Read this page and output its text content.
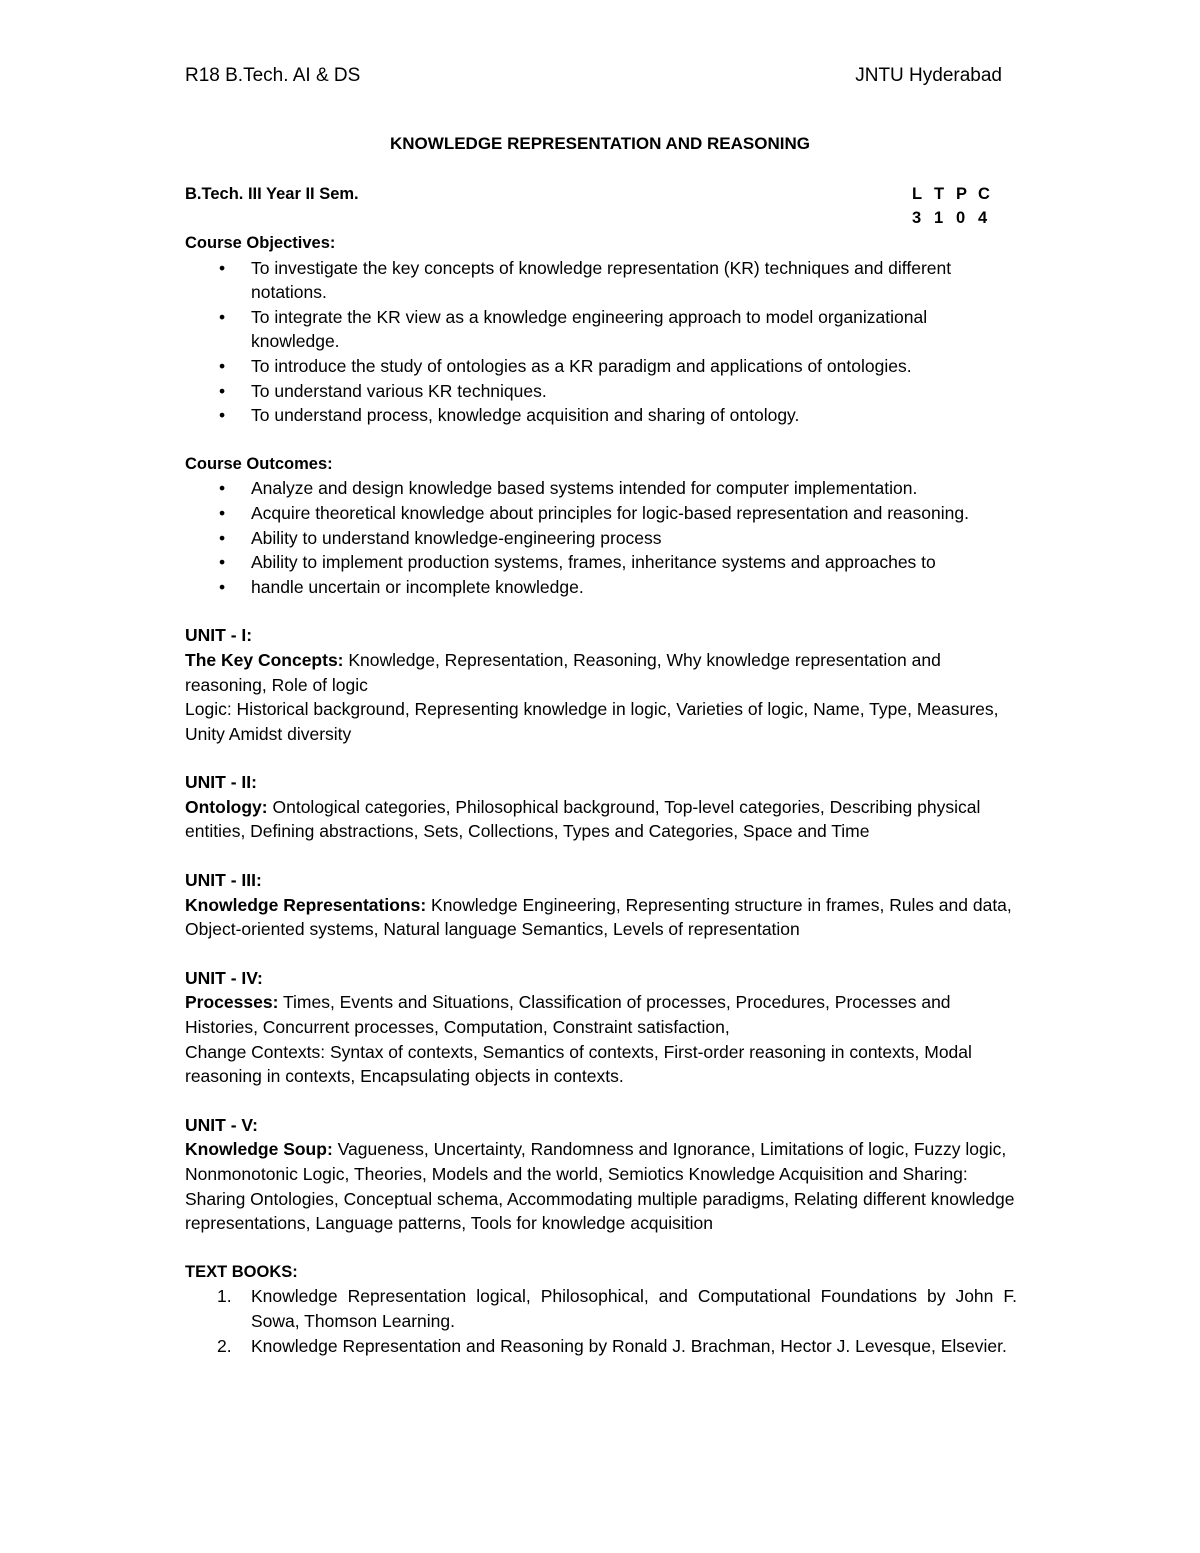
R18 B.Tech. AI & DS	JNTU Hyderabad
KNOWLEDGE REPRESENTATION AND REASONING
B.Tech. III Year II Sem.	L T P C
3 1 0 4

Course Objectives:

• To investigate the key concepts of knowledge representation (KR) techniques and different notations.
• To integrate the KR view as a knowledge engineering approach to model organizational knowledge.
• To introduce the study of ontologies as a KR paradigm and applications of ontologies.
• To understand various KR techniques.
• To understand process, knowledge acquisition and sharing of ontology.

Course Outcomes:

• Analyze and design knowledge based systems intended for computer implementation.
• Acquire theoretical knowledge about principles for logic-based representation and reasoning.
• Ability to understand knowledge-engineering process
• Ability to implement production systems, frames, inheritance systems and approaches to
• handle uncertain or incomplete knowledge.

UNIT - I:

The Key Concepts: Knowledge, Representation, Reasoning, Why knowledge representation and reasoning, Role of logic

Logic: Historical background, Representing knowledge in logic, Varieties of logic, Name, Type, Measures, Unity Amidst diversity

UNIT - II:

Ontology: Ontological categories, Philosophical background, Top-level categories, Describing physical entities, Defining abstractions, Sets, Collections, Types and Categories, Space and Time

UNIT - III:

Knowledge Representations: Knowledge Engineering, Representing structure in frames, Rules and data, Object-oriented systems, Natural language Semantics, Levels of representation

UNIT - IV:

Processes: Times, Events and Situations, Classification of processes, Procedures, Processes and Histories, Concurrent processes, Computation, Constraint satisfaction,

Change Contexts: Syntax of contexts, Semantics of contexts, First-order reasoning in contexts, Modal reasoning in contexts, Encapsulating objects in contexts.

UNIT - V:

Knowledge Soup: Vagueness, Uncertainty, Randomness and Ignorance, Limitations of logic, Fuzzy logic, Nonmonotonic Logic, Theories, Models and the world, Semiotics Knowledge Acquisition and Sharing: Sharing Ontologies, Conceptual schema, Accommodating multiple paradigms, Relating different knowledge representations, Language patterns, Tools for knowledge acquisition

TEXT BOOKS:

1. Knowledge Representation logical, Philosophical, and Computational Foundations by John F. Sowa, Thomson Learning.
2. Knowledge Representation and Reasoning by Ronald J. Brachman, Hector J. Levesque, Elsevier.
